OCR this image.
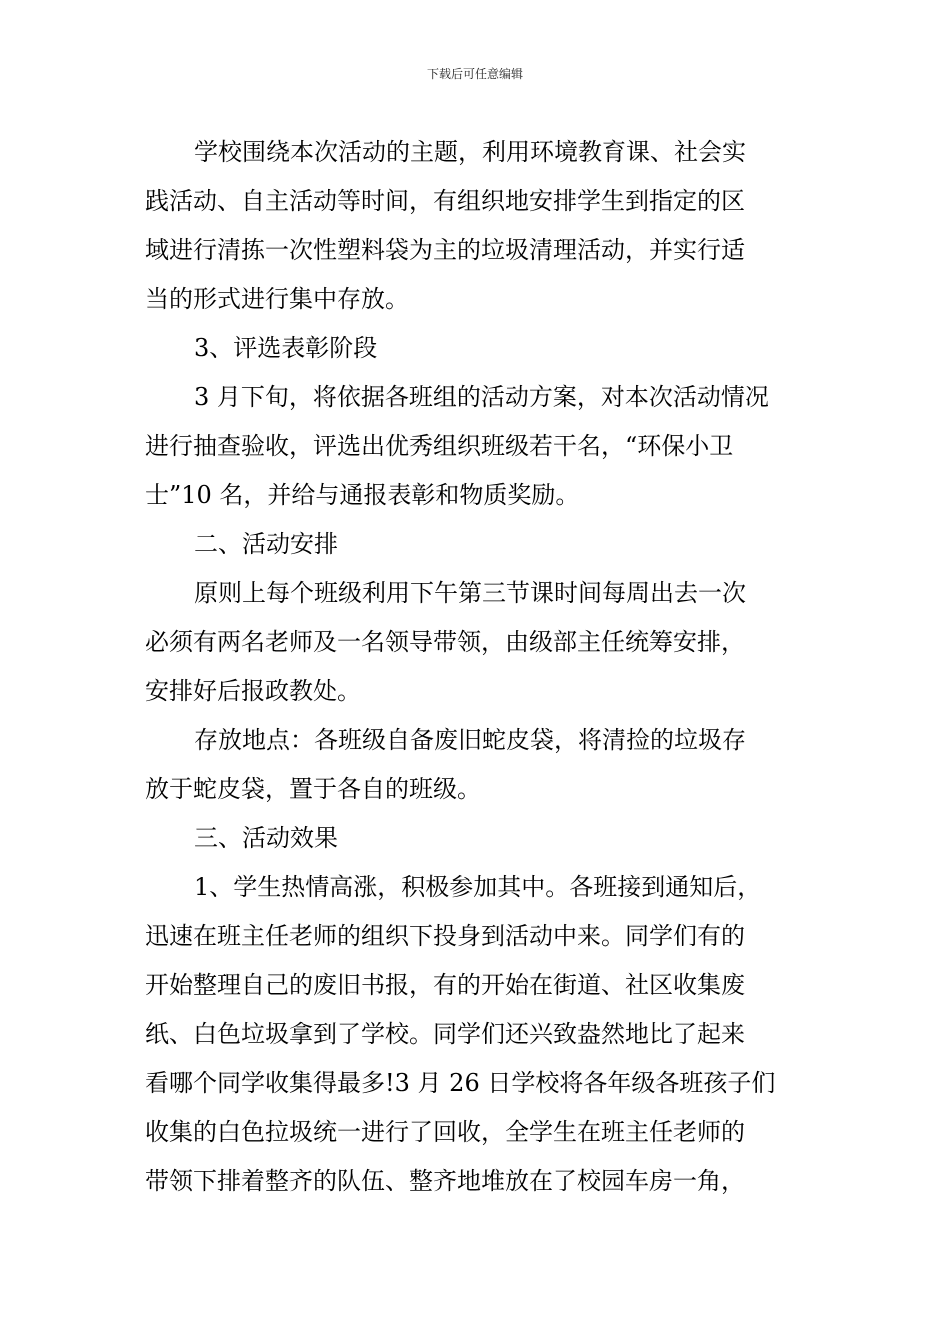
下载后可任意编辑
学校围绕本次活动的主题，利用环境教育课、社会实
践活动、自主活动等时间，有组织地安排学生到指定的区
域进行清拣一次性塑料袋为主的垃圾清理活动，并实行适
当的形式进行集中存放。
3、评选表彰阶段
3 月下旬，将依据各班组的活动方案，对本次活动情况
进行抽查验收，评选出优秀组织班级若干名，“环保小卫
士”10 名，并给与通报表彰和物质奖励。
二、活动安排
原则上每个班级利用下午第三节课时间每周出去一次
必须有两名老师及一名领导带领，由级部主任统筹安排，
安排好后报政教处。
存放地点：各班级自备废旧蛇皮袋，将清捡的垃圾存
放于蛇皮袋，置于各自的班级。
三、活动效果
1、学生热情高涨，积极参加其中。各班接到通知后，
迅速在班主任老师的组织下投身到活动中来。同学们有的
开始整理自己的废旧书报，有的开始在街道、社区收集废
纸、白色垃圾拿到了学校。同学们还兴致盎然地比了起来
看哪个同学收集得最多!3 月 26 日学校将各年级各班孩子们
收集的白色拉圾统一进行了回收，全学生在班主任老师的
带领下排着整齐的队伍、整齐地堆放在了校园车房一角，
